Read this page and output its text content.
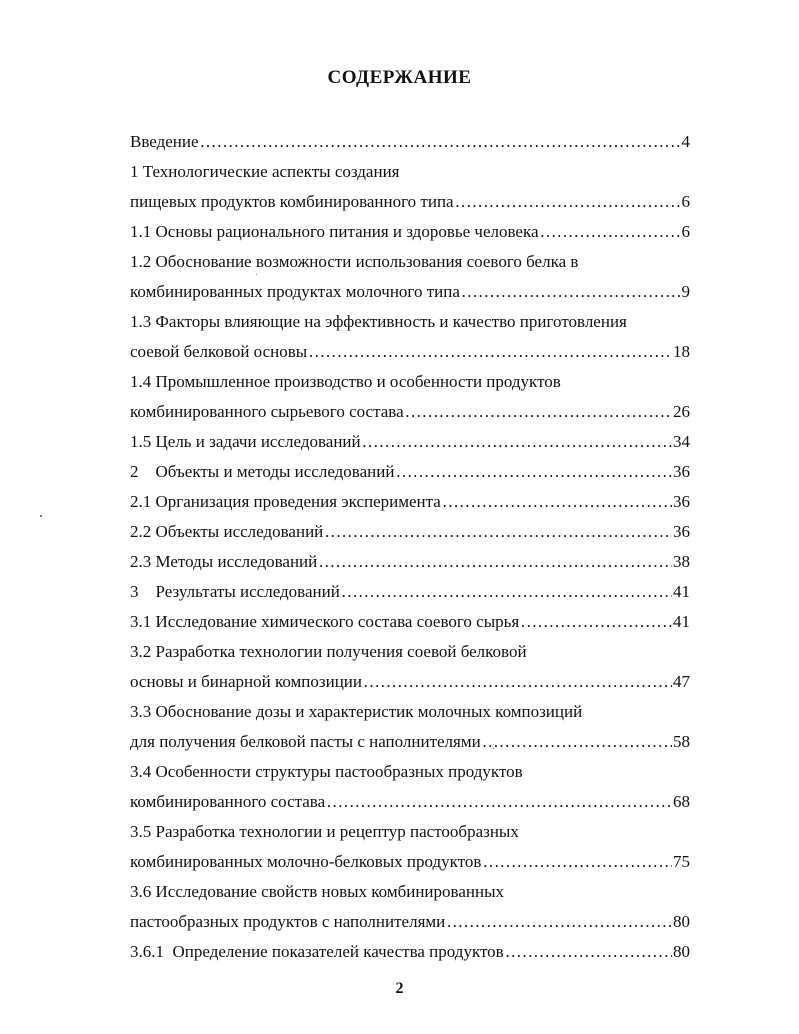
СОДЕРЖАНИЕ
Введение …………………………………………………………………………………………………………………………………………………	4
1 Технологические аспекты создания
пищевых продуктов комбинированного типа …………………………………………………………………………………………………………………………………………………	6
1.1 Основы рационального питания и здоровье человека …………………………………………………………………………………………………………………………………………………	6
1.2 Обоснование возможности использования соевого белка в
комбинированных продуктах молочного типа …………………………………………………………………………………………………………………………………………………	9
1.3 Факторы влияющие на эффективность и качество приготовления
соевой белковой основы …………………………………………………………………………………………………………………………………………………	18
1.4 Промышленное производство и особенности продуктов
комбинированного сырьевого состава …………………………………………………………………………………………………………………………………………………	26
1.5 Цель и задачи исследований …………………………………………………………………………………………………………………………………………………	34
2    Объекты и методы исследований …………………………………………………………………………………………………………………………………………………	36
2.1 Организация проведения эксперимента …………………………………………………………………………………………………………………………………………………	36
2.2 Объекты исследований …………………………………………………………………………………………………………………………………………………	36
2.3 Методы исследований …………………………………………………………………………………………………………………………………………………	38
3    Результаты исследований …………………………………………………………………………………………………………………………………………………	41
3.1 Исследование химического состава соевого сырья …………………………………………………………………………………………………………………………………………………	41
3.2 Разработка технологии получения соевой белковой
основы и бинарной композиции …………………………………………………………………………………………………………………………………………………	47
3.3 Обоснование дозы и характеристик молочных композиций
для получения белковой пасты с наполнителями …………………………………………………………………………………………………………………………………………………	58
3.4 Особенности структуры пастообразных продуктов
комбинированного состава …………………………………………………………………………………………………………………………………………………	68
3.5 Разработка технологии и рецептур пастообразных
комбинированных молочно-белковых продуктов …………………………………………………………………………………………………………………………………………………	75
3.6 Исследование свойств новых комбинированных
пастообразных продуктов с наполнителями …………………………………………………………………………………………………………………………………………………	80
3.6.1  Определение показателей качества продуктов …………………………………………………………………………………………………………………………………………………	80
2
